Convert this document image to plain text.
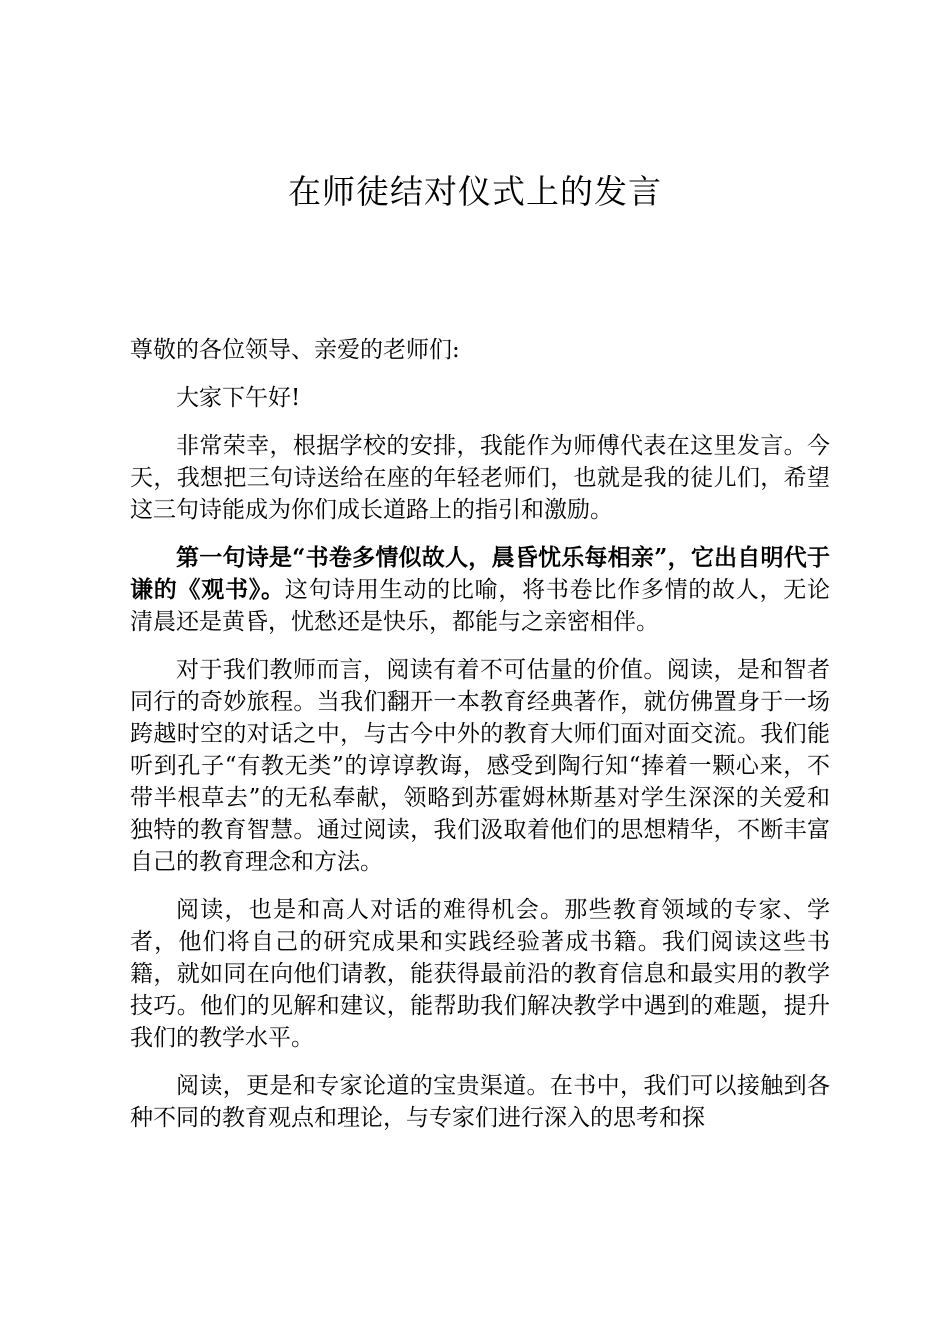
在师徒结对仪式上的发言

尊敬的各位领导、亲爱的老师们:

大家下午好!

非常荣幸，根据学校的安排，我能作为师傅代表在这里发言。今天，我想把三句诗送给在座的年轻老师们，也就是我的徒儿们，希望这三句诗能成为你们成长道路上的指引和激励。

第一句诗是“书卷多情似故人，晨昏忧乐每相亲”，它出自明代于谦的《观书》。这句诗用生动的比喻，将书卷比作多情的故人，无论清晨还是黄昏，忧愁还是快乐，都能与之亲密相伴。

对于我们教师而言，阅读有着不可估量的价值。阅读，是和智者同行的奇妙旅程。当我们翻开一本教育经典著作，就仿佛置身于一场跨越时空的对话之中，与古今中外的教育大师们面对面交流。我们能听到孔子“有教无类”的谆谆教诲，感受到陶行知“捧着一颗心来，不带半根草去”的无私奉献，领略到苏霍姆林斯基对学生深深的关爱和独特的教育智慧。通过阅读，我们汲取着他们的思想精华，不断丰富自己的教育理念和方法。

阅读，也是和高人对话的难得机会。那些教育领域的专家、学者，他们将自己的研究成果和实践经验著成书籍。我们阅读这些书籍，就如同在向他们请教，能获得最前沿的教育信息和最实用的教学技巧。他们的见解和建议，能帮助我们解决教学中遇到的难题，提升我们的教学水平。

阅读，更是和专家论道的宝贵渠道。在书中，我们可以接触到各种不同的教育观点和理论，与专家们进行深入的思考和探
